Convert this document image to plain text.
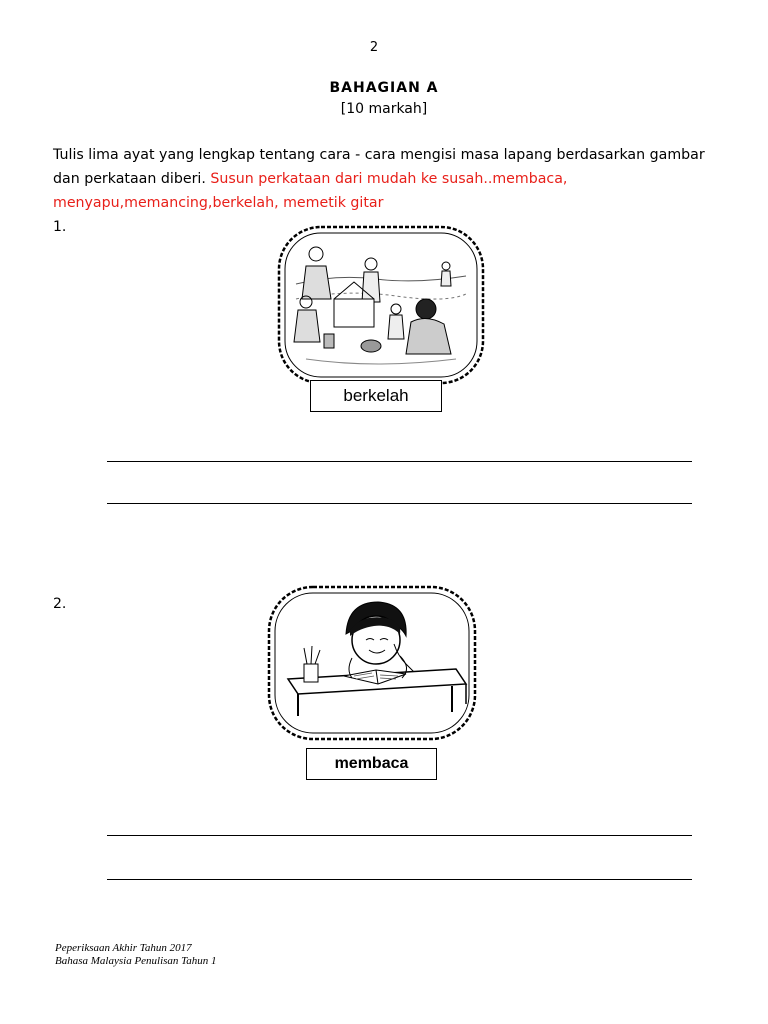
2
BAHAGIAN A
[10 markah]
Tulis lima ayat yang lengkap tentang cara - cara mengisi masa lapang berdasarkan gambar dan perkataan diberi. Susun perkataan dari mudah ke susah..membaca, menyapu,memancing,berkelah, memetik gitar
1.
berkelah
2.
membaca
Peperiksaan Akhir Tahun 2017
Bahasa Malaysia Penulisan Tahun 1
